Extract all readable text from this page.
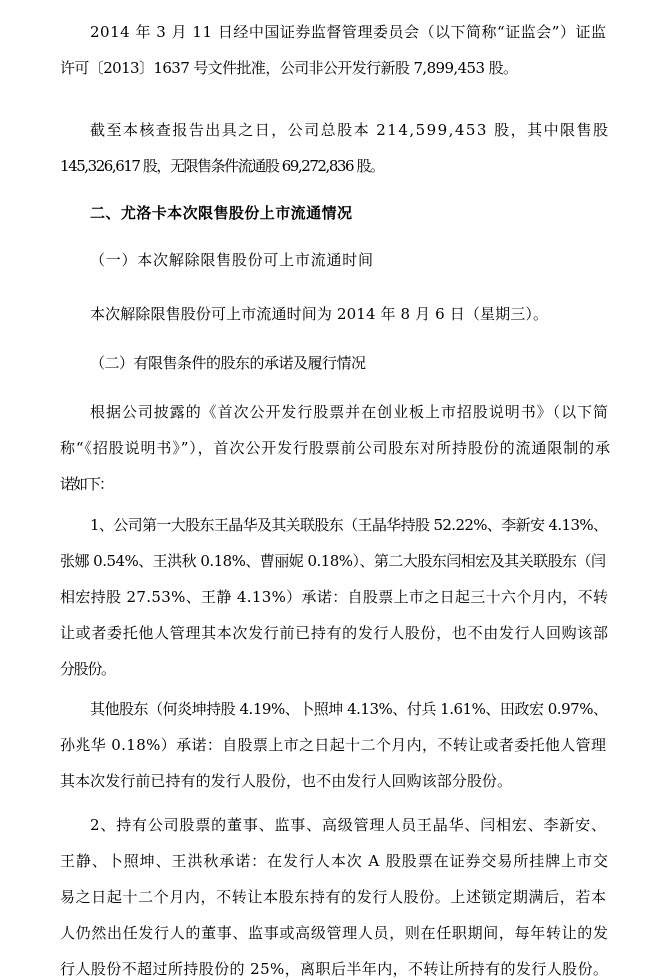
2014 年 3 月 11 日经中国证券监督管理委员会（以下简称“证监会”）证监

许可〔2013〕1637 号文件批准，公司非公开发行新股 7,899,453 股。

截至本核查报告出具之日，公司总股本 214,599,453 股，其中限售股

145,326,617 股，无限售条件流通股 69,272,836 股。

二、尤洛卡本次限售股份上市流通情况

（一）本次解除限售股份可上市流通时间

本次解除限售股份可上市流通时间为 2014 年 8 月 6 日（星期三）。

（二）有限售条件的股东的承诺及履行情况

根据公司披露的《首次公开发行股票并在创业板上市招股说明书》（以下简

称“《招股说明书》”），首次公开发行股票前公司股东对所持股份的流通限制的承

诺如下：

1、公司第一大股东王晶华及其关联股东（王晶华持股 52.22%、李新安 4.13%、

张娜 0.54%、王洪秋 0.18%、曹丽妮 0.18%）、第二大股东闫相宏及其关联股东（闫

相宏持股 27.53%、王静 4.13%）承诺：自股票上市之日起三十六个月内，不转

让或者委托他人管理其本次发行前已持有的发行人股份，也不由发行人回购该部

分股份。

其他股东（何炎坤持股 4.19%、卜照坤 4.13%、付兵 1.61%、田政宏 0.97%、

孙兆华 0.18%）承诺：自股票上市之日起十二个月内，不转让或者委托他人管理

其本次发行前已持有的发行人股份，也不由发行人回购该部分股份。

2、持有公司股票的董事、监事、高级管理人员王晶华、闫相宏、李新安、

王静、卜照坤、王洪秋承诺：在发行人本次 A 股股票在证券交易所挂牌上市交

易之日起十二个月内，不转让本股东持有的发行人股份。上述锁定期满后，若本

人仍然出任发行人的董事、监事或高级管理人员，则在任职期间，每年转让的发

行人股份不超过所持股份的 25%，离职后半年内，不转让所持有的发行人股份。
